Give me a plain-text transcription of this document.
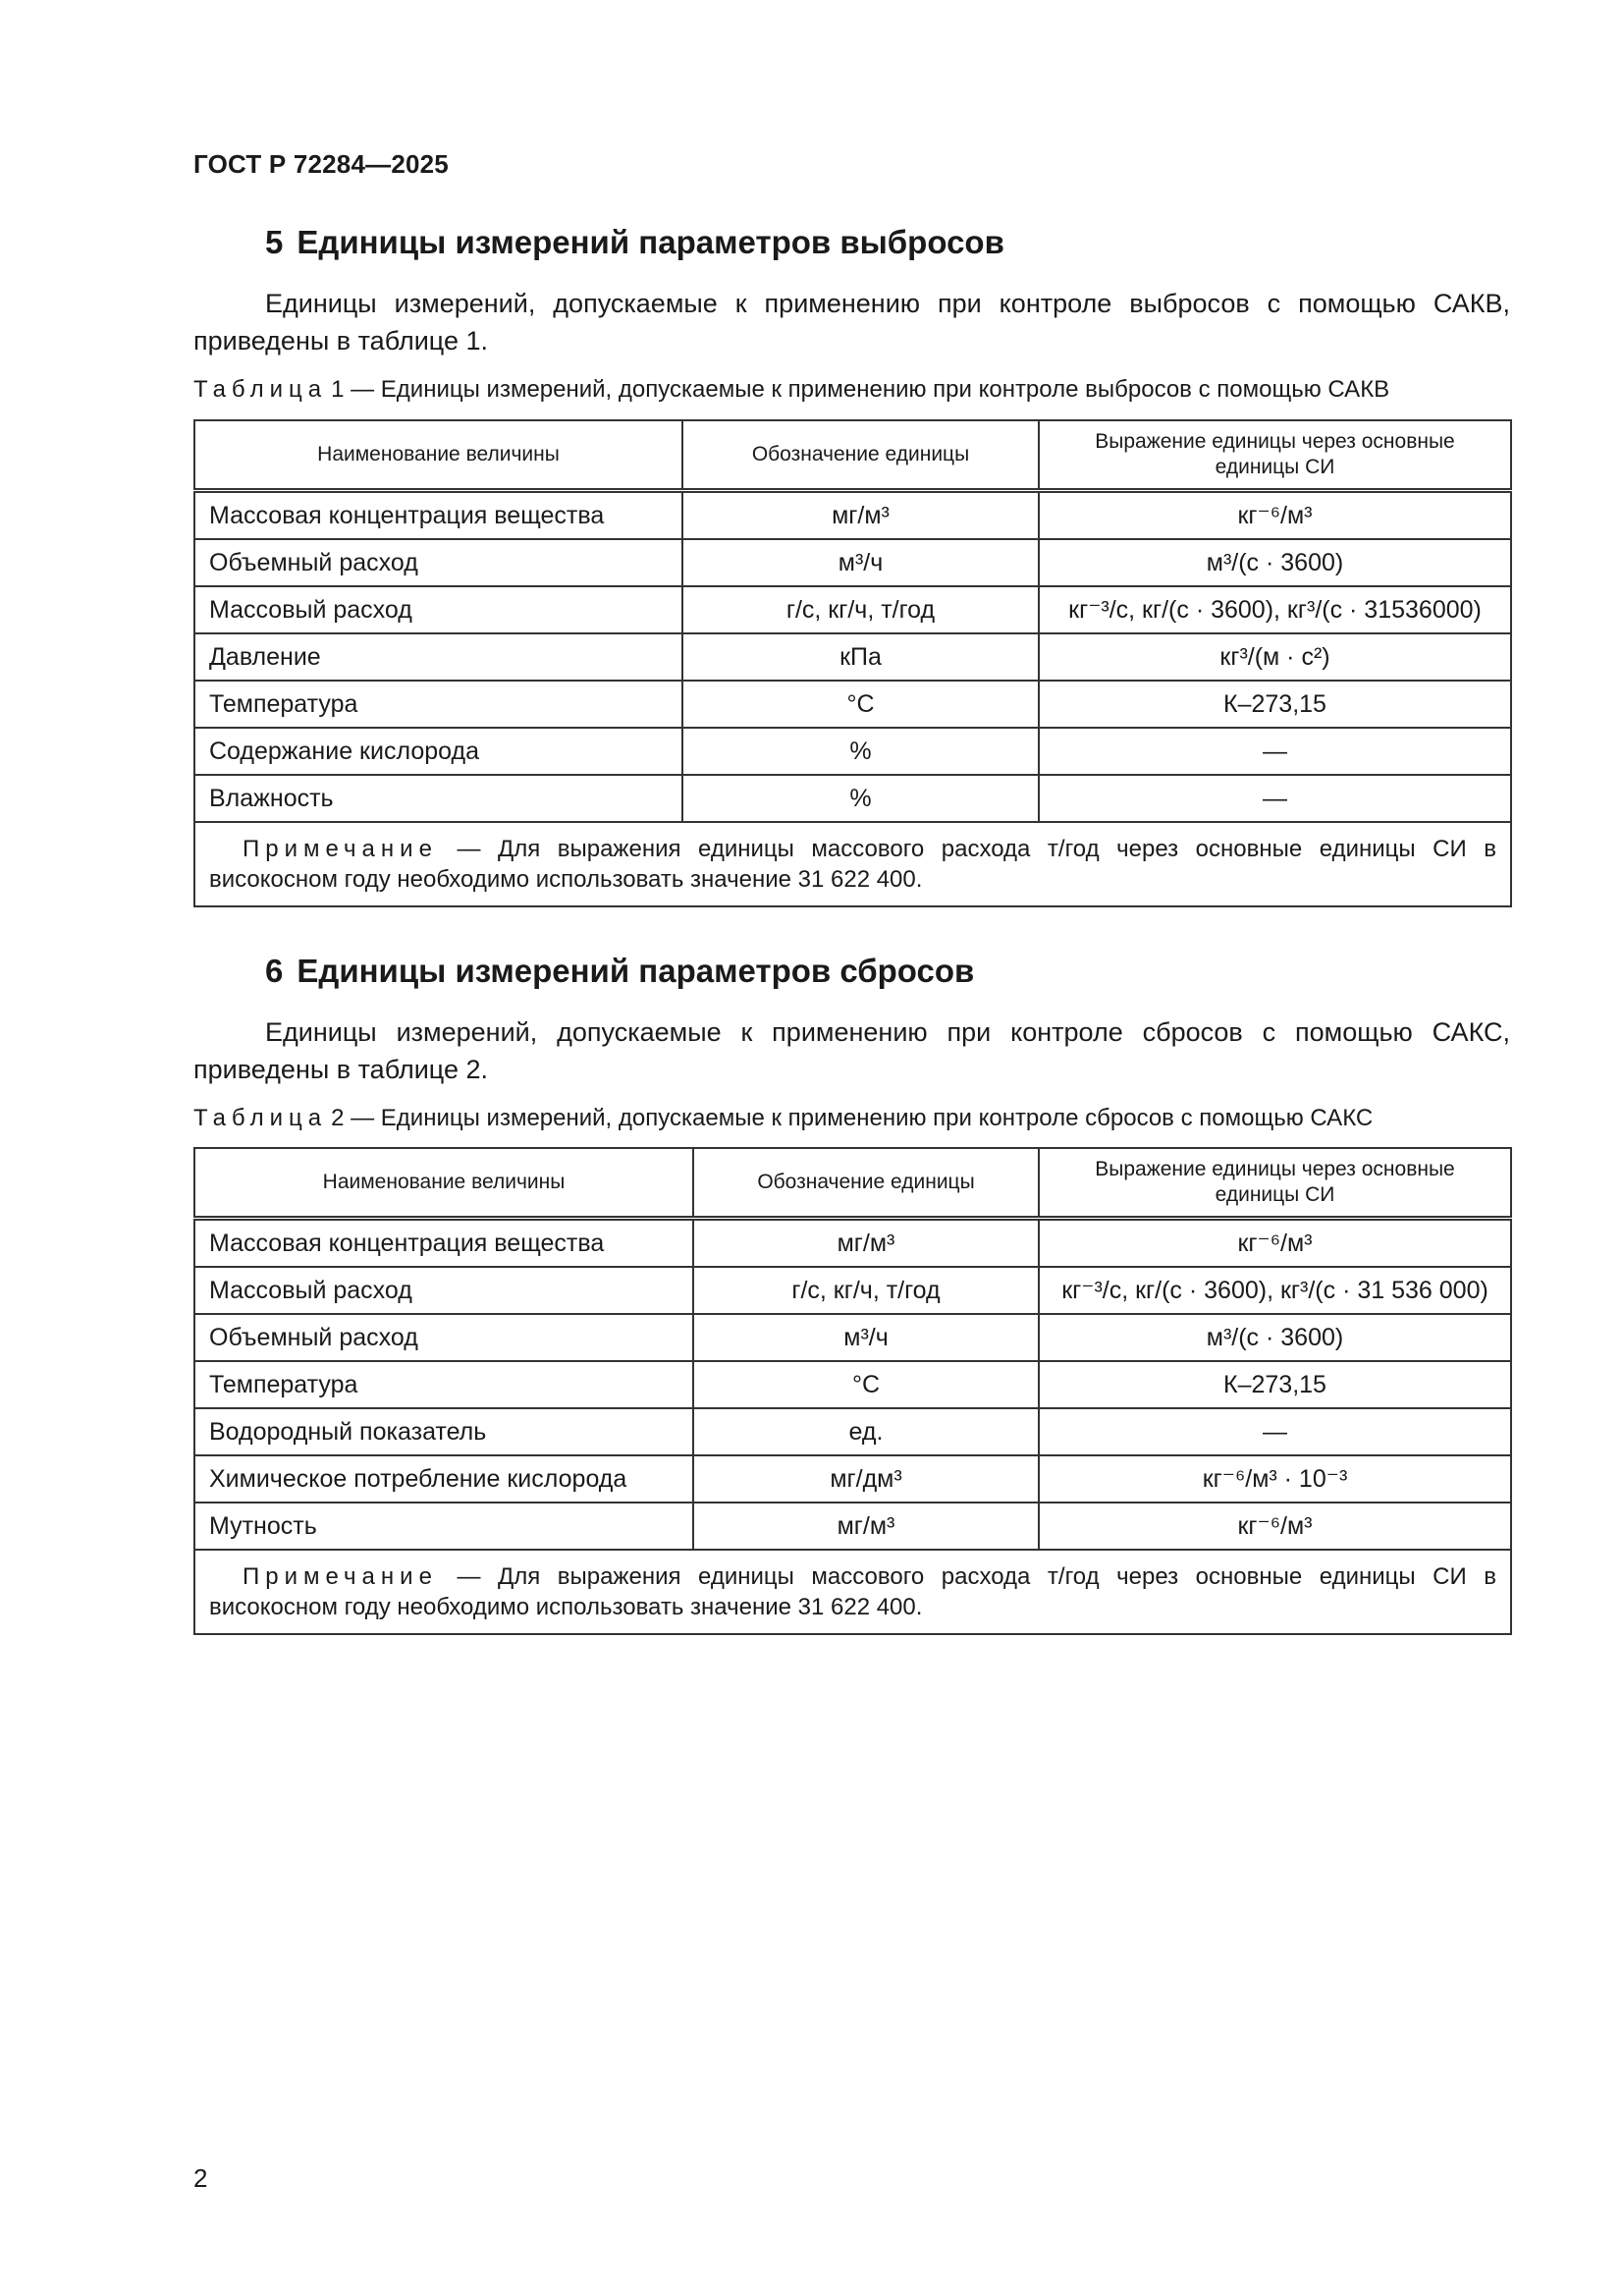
ГОСТ Р 72284—2025
5 Единицы измерений параметров выбросов
Единицы измерений, допускаемые к применению при контроле выбросов с помощью САКВ, приведены в таблице 1.
Таблица 1 — Единицы измерений, допускаемые к применению при контроле выбросов с помощью САКВ
Наименование величины	Обозначение единицы	Выражение единицы через основные единицы СИ
Массовая концентрация вещества	мг/м³	кг⁻⁶/м³
Объемный расход	м³/ч	м³/(с · 3600)
Массовый расход	г/с, кг/ч, т/год	кг⁻³/с, кг/(с · 3600), кг³/(с · 31536000)
Давление	кПа	кг³/(м · с²)
Температура	°С	К–273,15
Содержание кислорода	%	—
Влажность	%	—
Примечание — Для выражения единицы массового расхода т/год через основные единицы СИ в високосном году необходимо использовать значение 31 622 400.		
6 Единицы измерений параметров сбросов
Единицы измерений, допускаемые к применению при контроле сбросов с помощью САКС, приведены в таблице 2.
Таблица 2 — Единицы измерений, допускаемые к применению при контроле сбросов с помощью САКС
Наименование величины	Обозначение единицы	Выражение единицы через основные единицы СИ
Массовая концентрация вещества	мг/м³	кг⁻⁶/м³
Массовый расход	г/с, кг/ч, т/год	кг⁻³/с, кг/(с · 3600), кг³/(с · 31 536 000)
Объемный расход	м³/ч	м³/(с · 3600)
Температура	°С	К–273,15
Водородный показатель	ед.	—
Химическое потребление кислорода	мг/дм³	кг⁻⁶/м³ · 10⁻³
Мутность	мг/м³	кг⁻⁶/м³
Примечание — Для выражения единицы массового расхода т/год через основные единицы СИ в високосном году необходимо использовать значение 31 622 400.		
2
